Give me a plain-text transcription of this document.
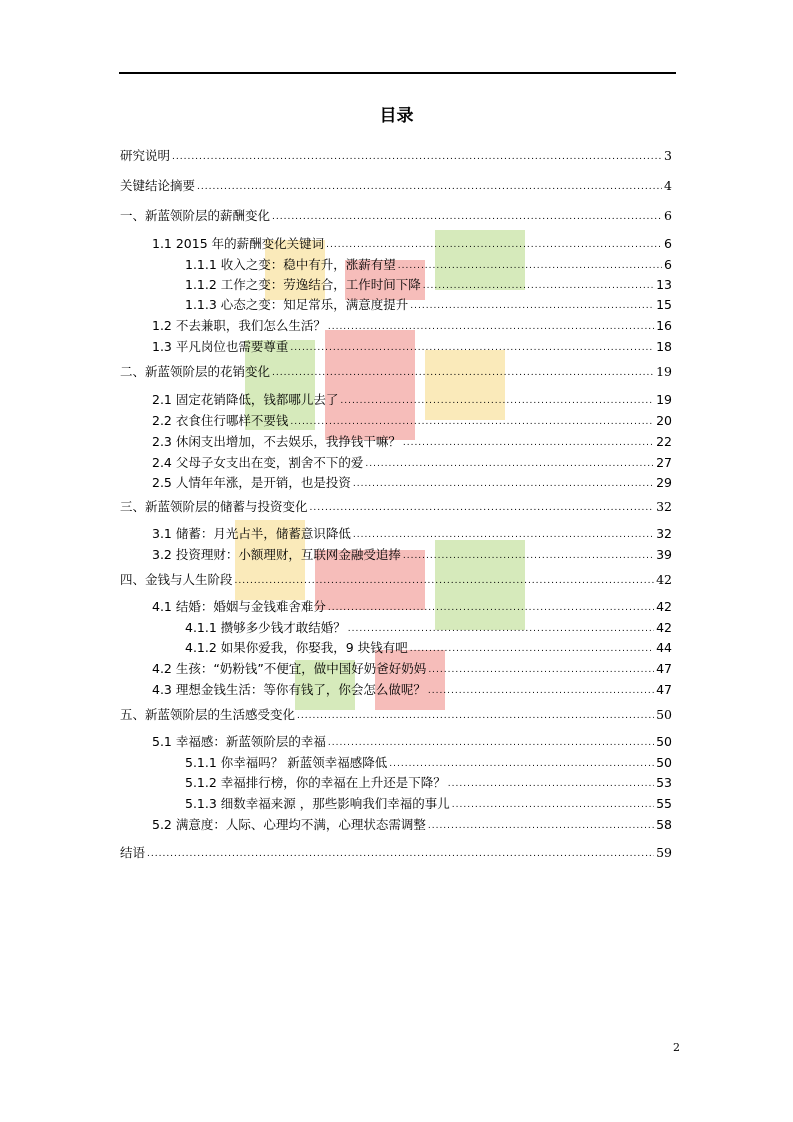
目录
研究说明 .....	3
关键结论摘要 .....	4
一、新蓝领阶层的薪酬变化 .....	6
1.1 2015 年的薪酬变化关键词 .....	6
1.1.1 收入之变：稳中有升，涨薪有望 .....	6
1.1.2 工作之变：劳逸结合，工作时间下降 .....	13
1.1.3 心态之变：知足常乐，满意度提升 .....	15
1.2 不去兼职，我们怎么生活？ .....	16
1.3 平凡岗位也需要尊重 .....	18
二、新蓝领阶层的花销变化 .....	19
2.1 固定花销降低，钱都哪儿去了 .....	19
2.2 衣食住行哪样不要钱 .....	20
2.3 休闲支出增加，不去娱乐，我挣钱干嘛？ .....	22
2.4 父母子女支出在变，割舍不下的爱 .....	27
2.5 人情年年涨，是开销，也是投资 .....	29
三、新蓝领阶层的储蓄与投资变化 .....	32
3.1 储蓄：月光占半，储蓄意识降低 .....	32
3.2 投资理财：小额理财，互联网金融受追捧 .....	39
四、金钱与人生阶段 .....	42
4.1 结婚：婚姻与金钱难舍难分 .....	42
4.1.1 攒够多少钱才敢结婚？ .....	42
4.1.2 如果你爱我，你娶我，9 块钱有吧 .....	44
4.2 生孩：“奶粉钱”不便宜，做中国好奶爸好奶妈 .....	47
4.3 理想金钱生活：等你有钱了，你会怎么做呢？ .....	47
五、新蓝领阶层的生活感受变化 .....	50
5.1 幸福感：新蓝领阶层的幸福 .....	50
5.1.1 你幸福吗？ 新蓝领幸福感降低 .....	50
5.1.2 幸福排行榜，你的幸福在上升还是下降？ .....	53
5.1.3 细数幸福来源 ，那些影响我们幸福的事儿 .....	55
5.2 满意度：人际、心理均不满，心理状态需调整 .....	58
结语 .....	59
2
